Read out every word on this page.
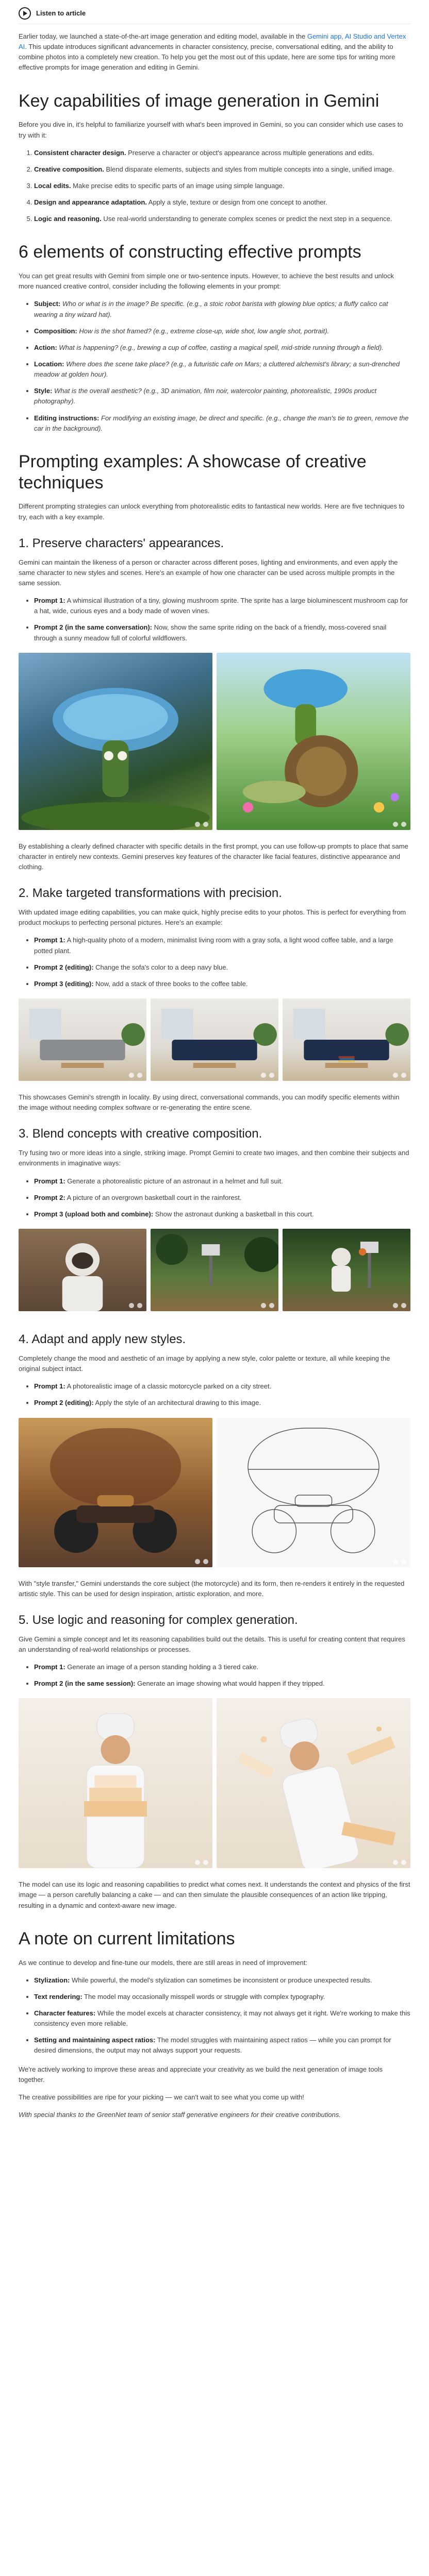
Listen to article

Earlier today, we launched a state-of-the-art image generation and editing model, available in the Gemini app, AI Studio and Vertex AI. This update introduces significant advancements in character consistency, precise, conversational editing, and the ability to combine photos into a completely new creation. To help you get the most out of this update, here are some tips for writing more effective prompts for image generation and editing in Gemini.

Key capabilities of image generation in Gemini

Before you dive in, it's helpful to familiarize yourself with what's been improved in Gemini, so you can consider which use cases to try with it:

1. Consistent character design. Preserve a character or object's appearance across multiple generations and edits.
2. Creative composition. Blend disparate elements, subjects and styles from multiple concepts into a single, unified image.
3. Local edits. Make precise edits to specific parts of an image using simple language.
4. Design and appearance adaptation. Apply a style, texture or design from one concept to another.
5. Logic and reasoning. Use real-world understanding to generate complex scenes or predict the next step in a sequence.
6 elements of constructing effective prompts

You can get great results with Gemini from simple one or two-sentence inputs. However, to achieve the best results and unlock more nuanced creative control, consider including the following elements in your prompt:

• Subject: Who or what is in the image? Be specific. (e.g., a stoic robot barista with glowing blue optics; a fluffy calico cat wearing a tiny wizard hat).
• Composition: How is the shot framed? (e.g., extreme close-up, wide shot, low angle shot, portrait).
• Action: What is happening? (e.g., brewing a cup of coffee, casting a magical spell, mid-stride running through a field).
• Location: Where does the scene take place? (e.g., a futuristic cafe on Mars; a cluttered alchemist's library; a sun-drenched meadow at golden hour).
• Style: What is the overall aesthetic? (e.g., 3D animation, film noir, watercolor painting, photorealistic, 1990s product photography).
• Editing instructions: For modifying an existing image, be direct and specific. (e.g., change the man's tie to green, remove the car in the background).
Prompting examples: A showcase of creative techniques

Different prompting strategies can unlock everything from photorealistic edits to fantastical new worlds. Here are five techniques to try, each with a key example.

1. Preserve characters' appearances.

Gemini can maintain the likeness of a person or character across different poses, lighting and environments, and even apply the same character to new styles and scenes. Here's an example of how one character can be used across multiple prompts in the same session.

• Prompt 1: A whimsical illustration of a tiny, glowing mushroom sprite. The sprite has a large bioluminescent mushroom cap for a hat, wide, curious eyes and a body made of woven vines.
• Prompt 2 (in the same conversation): Now, show the same sprite riding on the back of a friendly, moss-covered snail through a sunny meadow full of colorful wildflowers.

By establishing a clearly defined character with specific details in the first prompt, you can use follow-up prompts to place that same character in entirely new contexts. Gemini preserves key features of the character like facial features, distinctive appearance and clothing.

2. Make targeted transformations with precision.

With updated image editing capabilities, you can make quick, highly precise edits to your photos. This is perfect for everything from product mockups to perfecting personal pictures. Here's an example:

• Prompt 1: A high-quality photo of a modern, minimalist living room with a gray sofa, a light wood coffee table, and a large potted plant.
• Prompt 2 (editing): Change the sofa's color to a deep navy blue.
• Prompt 3 (editing): Now, add a stack of three books to the coffee table.

This showcases Gemini's strength in locality. By using direct, conversational commands, you can modify specific elements within the image without needing complex software or re-generating the entire scene.

3. Blend concepts with creative composition.

Try fusing two or more ideas into a single, striking image. Prompt Gemini to create two images, and then combine their subjects and environments in imaginative ways:

• Prompt 1: Generate a photorealistic picture of an astronaut in a helmet and full suit.
• Prompt 2: A picture of an overgrown basketball court in the rainforest.
• Prompt 3 (upload both and combine): Show the astronaut dunking a basketball in this court.
4. Adapt and apply new styles.

Completely change the mood and aesthetic of an image by applying a new style, color palette or texture, all while keeping the original subject intact.

• Prompt 1: A photorealistic image of a classic motorcycle parked on a city street.
• Prompt 2 (editing): Apply the style of an architectural drawing to this image.

With "style transfer," Gemini understands the core subject (the motorcycle) and its form, then re-renders it entirely in the requested artistic style. This can be used for design inspiration, artistic exploration, and more.

5. Use logic and reasoning for complex generation.

Give Gemini a simple concept and let its reasoning capabilities build out the details. This is useful for creating content that requires an understanding of real-world relationships or processes.

• Prompt 1: Generate an image of a person standing holding a 3 tiered cake.
• Prompt 2 (in the same session): Generate an image showing what would happen if they tripped.

The model can use its logic and reasoning capabilities to predict what comes next. It understands the context and physics of the first image — a person carefully balancing a cake — and can then simulate the plausible consequences of an action like tripping, resulting in a dynamic and context-aware new image.

A note on current limitations

As we continue to develop and fine-tune our models, there are still areas in need of improvement:

• Stylization: While powerful, the model's stylization can sometimes be inconsistent or produce unexpected results.
• Text rendering: The model may occasionally misspell words or struggle with complex typography.
• Character features: While the model excels at character consistency, it may not always get it right. We're working to make this consistency even more reliable.
• Setting and maintaining aspect ratios: The model struggles with maintaining aspect ratios — while you can prompt for desired dimensions, the output may not always support your requests.

We're actively working to improve these areas and appreciate your creativity as we build the next generation of image tools together.

The creative possibilities are ripe for your picking — we can't wait to see what you come up with!

With special thanks to the GreenNet team of senior staff generative engineers for their creative contributions.
